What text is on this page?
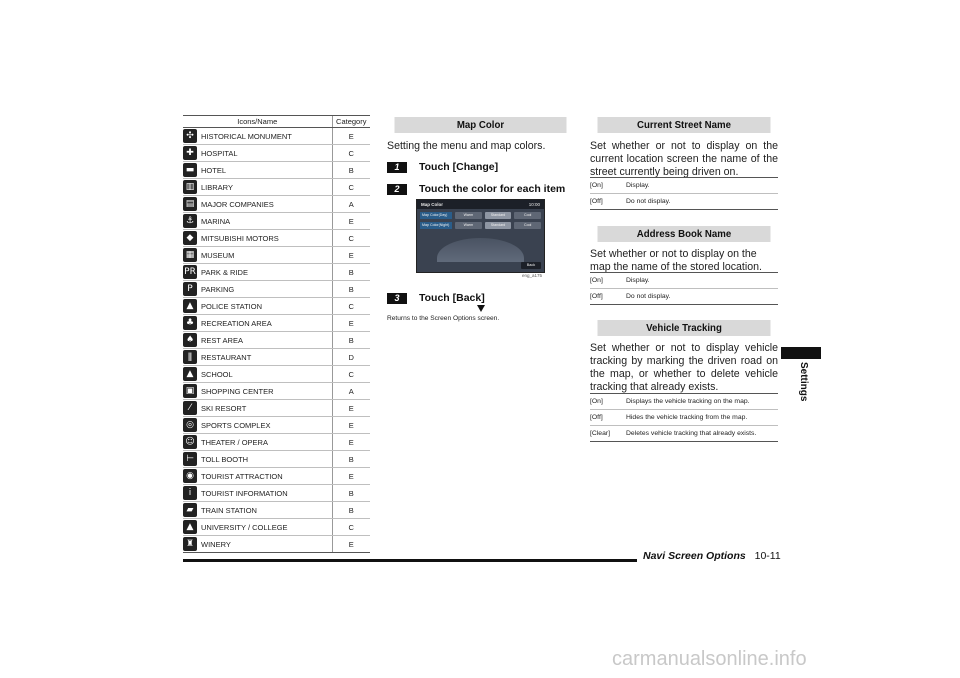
Icons/Name		Category

✣	HISTORICAL MONUMENT	E

✚	HOSPITAL	C

▬	HOTEL	B

▥	LIBRARY	C

▤	MAJOR COMPANIES	A

⚓	MARINA	E

◆	MITSUBISHI MOTORS	C

▦	MUSEUM	E

PR	PARK & RIDE	B

P	PARKING	B

▲	POLICE STATION	C

♣	RECREATION AREA	E

♠	REST AREA	B

ǁ	RESTAURANT	D

▲	SCHOOL	C

▣	SHOPPING CENTER	A

⁄	SKI RESORT	E

◎	SPORTS COMPLEX	E

☺	THEATER / OPERA	E

⊢	TOLL BOOTH	B

◉	TOURIST ATTRACTION	E

i	TOURIST INFORMATION	B

▰	TRAIN STATION	B

▲	UNIVERSITY / COLLEGE	C

♜	WINERY	E
Map Color
Setting the menu and map colors.
1	Touch [Change]
2	Touch the color for each item
Map Color	10:00
Map Color(Day)	Warm	Standard	Cool
Map Color(Night)	Warm	Standard	Cool
Back
eng_a175
3	Touch [Back]
Returns to the Screen Options screen.
Current Street Name
Set whether or not to display on the current location screen the name of the street currently being driven on.
[On]	Display.
[Off]	Do not display.
Address Book Name
Set whether or not to display on the map the name of the stored location.
[On]	Display.
[Off]	Do not display.
Vehicle Tracking
Set whether or not to display vehicle tracking by marking the driven road on the map, or whether to delete vehicle tracking that already exists.
[On]	Displays the vehicle tracking on the map.
[Off]	Hides the vehicle tracking from the map.
[Clear]	Deletes vehicle tracking that already exists.
Settings
Navi Screen Options 10-11
carmanualsonline.info
